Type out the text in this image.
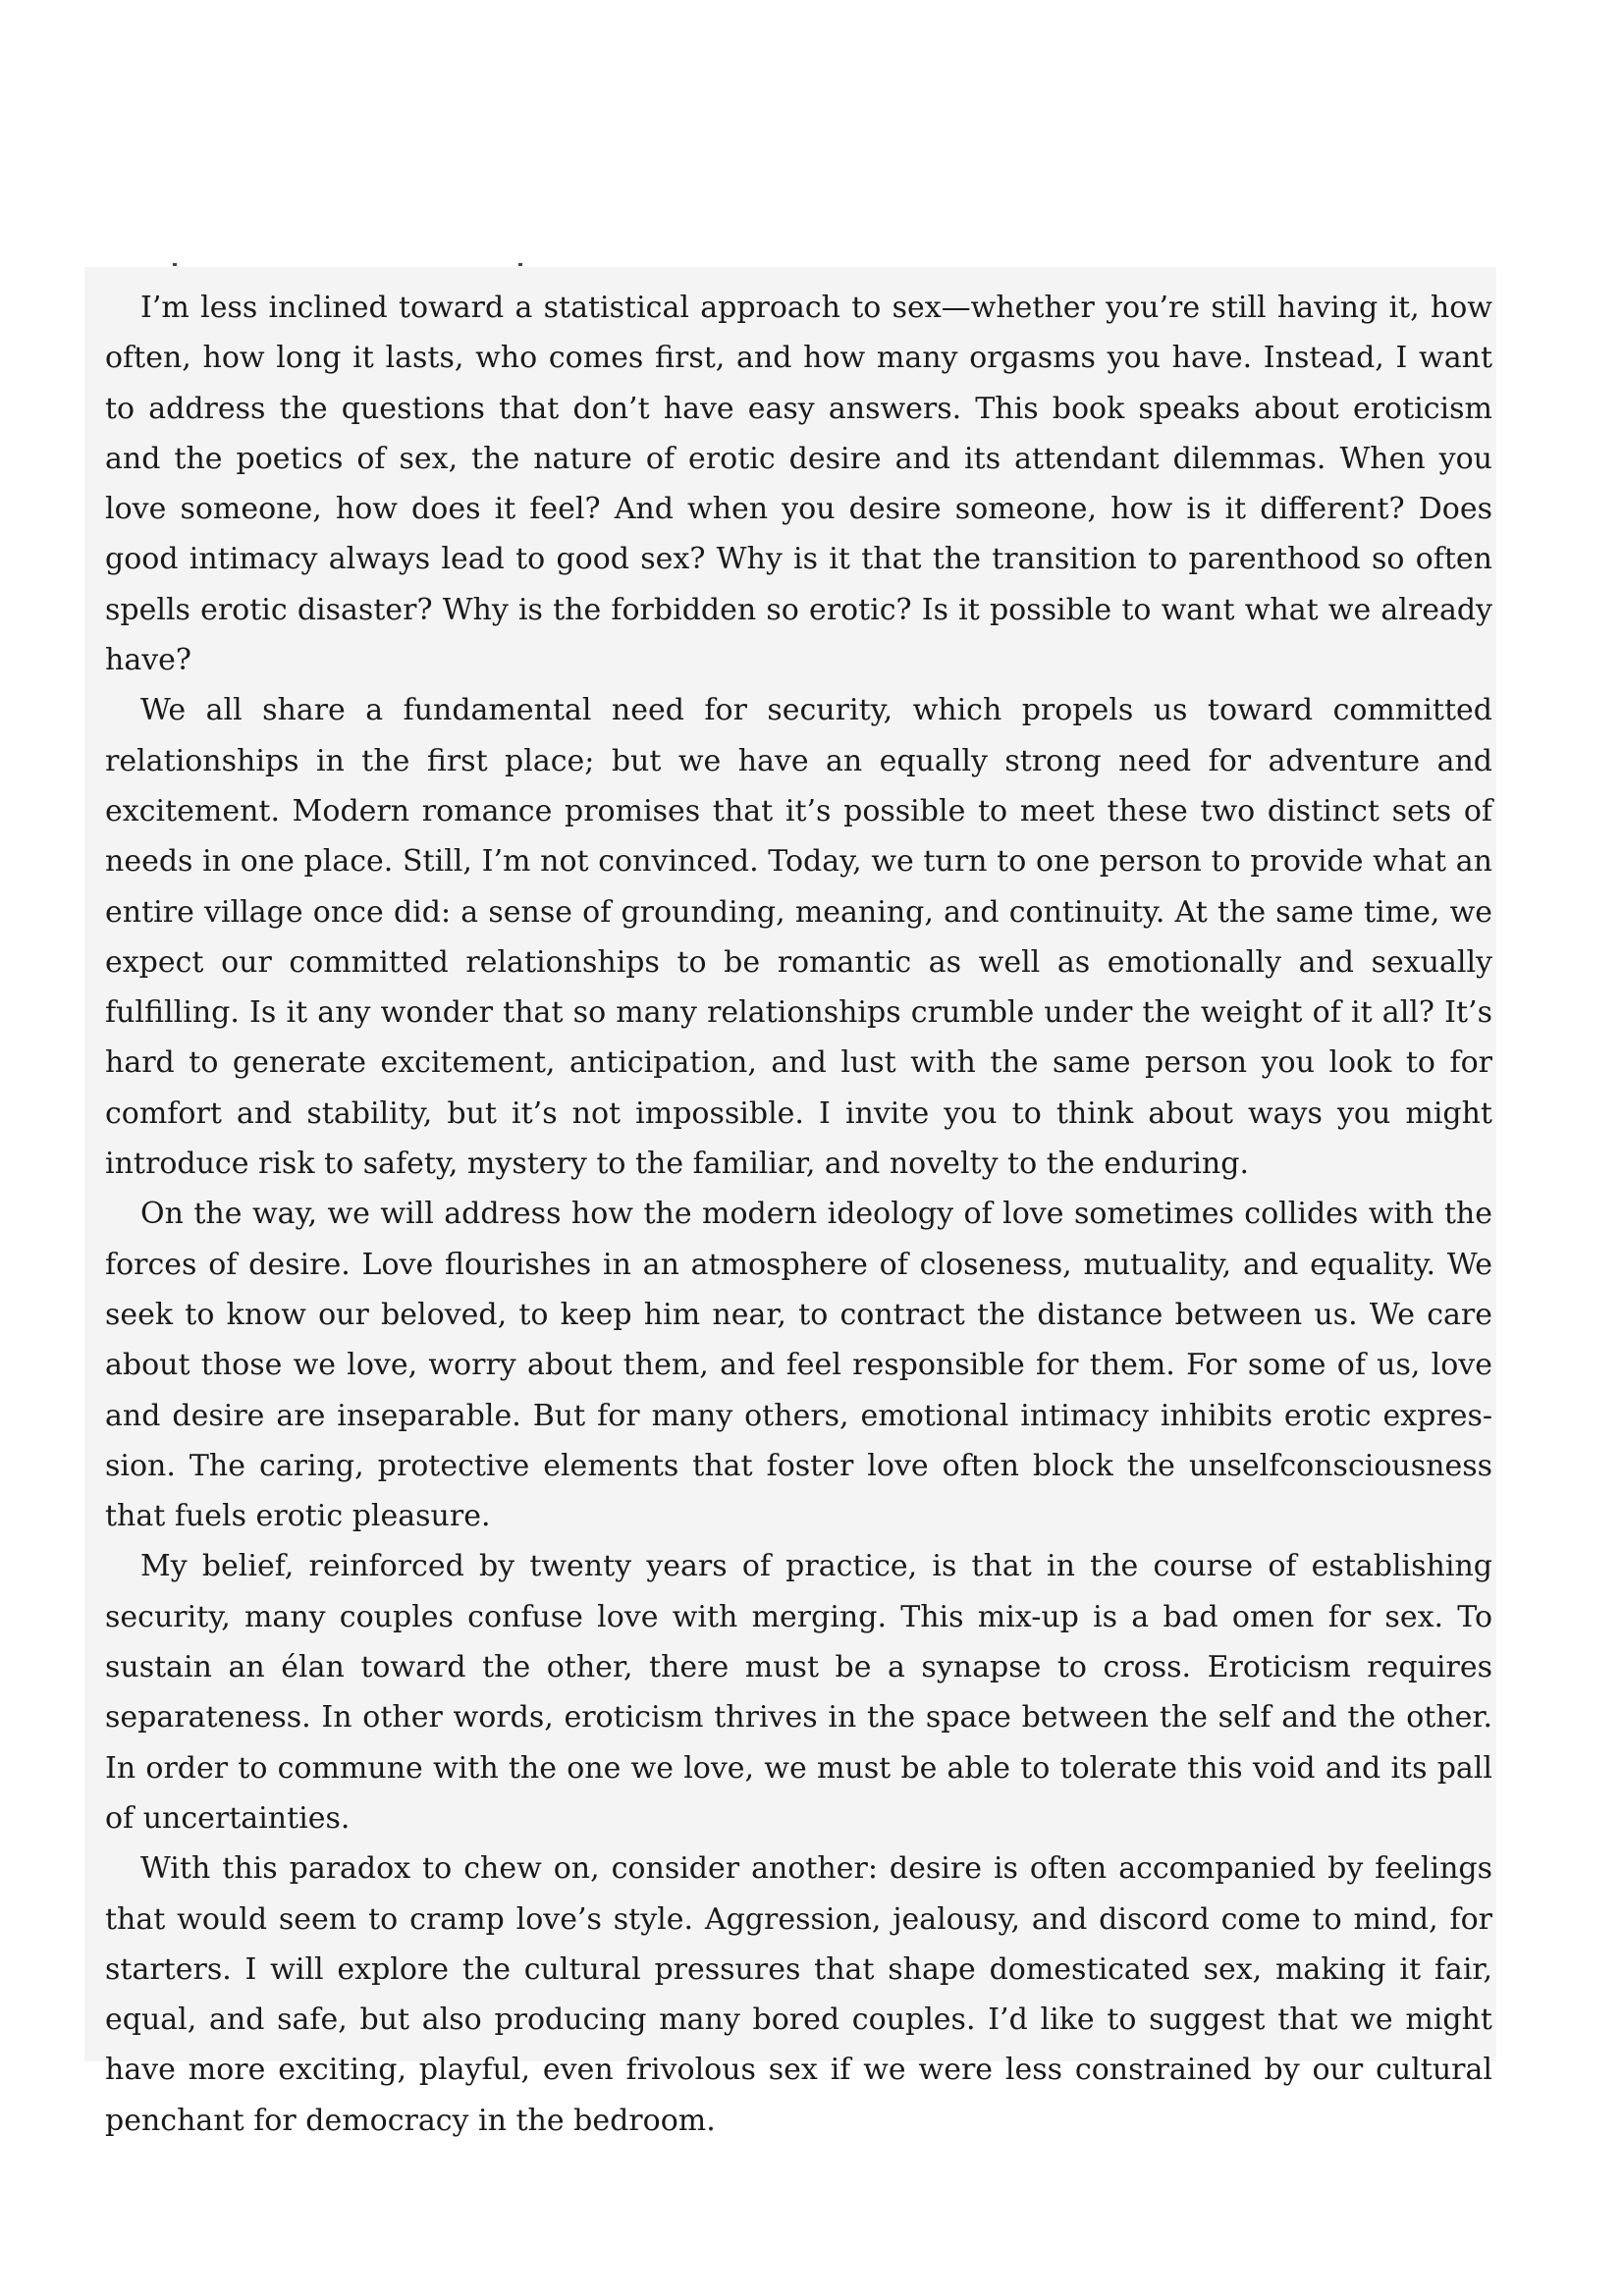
I’m less inclined toward a statistical approach to sex—whether you’re still having it, how often, how long it lasts, who comes first, and how many orgasms you have. Instead, I want to address the questions that don’t have easy answers. This book speaks about eroticism and the poetics of sex, the nature of erotic desire and its attendant dilemmas. When you love someone, how does it feel? And when you desire someone, how is it different? Does good intimacy always lead to good sex? Why is it that the transition to parenthood so often spells erotic disaster? Why is the forbidden so erotic? Is it possible to want what we already have?

We all share a fundamental need for security, which propels us toward committed relationships in the first place; but we have an equally strong need for adventure and excitement. Modern romance promises that it’s possible to meet these two distinct sets of needs in one place. Still, I’m not convinced. Today, we turn to one person to provide what an entire village once did: a sense of grounding, meaning, and continuity. At the same time, we expect our committed relationships to be romantic as well as emotionally and sexually fulfilling. Is it any wonder that so many relationships crumble under the weight of it all? It’s hard to generate excitement, anticipation, and lust with the same person you look to for comfort and stability, but it’s not impossible. I invite you to think about ways you might introduce risk to safety, mystery to the familiar, and novelty to the enduring.

On the way, we will address how the modern ideology of love sometimes collides with the forces of desire. Love flourishes in an atmosphere of closeness, mutuality, and equality. We seek to know our beloved, to keep him near, to contract the distance between us. We care about those we love, worry about them, and feel responsible for them. For some of us, love and desire are inseparable. But for many others, emotional intimacy inhibits erotic expression. The caring, protective elements that foster love often block the unselfconsciousness that fuels erotic pleasure.

My belief, reinforced by twenty years of practice, is that in the course of establishing security, many couples confuse love with merging. This mix-up is a bad omen for sex. To sustain an élan toward the other, there must be a synapse to cross. Eroticism requires separateness. In other words, eroticism thrives in the space between the self and the other. In order to commune with the one we love, we must be able to tolerate this void and its pall of uncertainties.

With this paradox to chew on, consider another: desire is often accompanied by feelings that would seem to cramp love’s style. Aggression, jealousy, and discord come to mind, for starters. I will explore the cultural pressures that shape domesticated sex, making it fair, equal, and safe, but also producing many bored couples. I’d like to suggest that we might have more exciting, playful, even frivolous sex if we were less constrained by our cultural penchant for democracy in the bedroom.
